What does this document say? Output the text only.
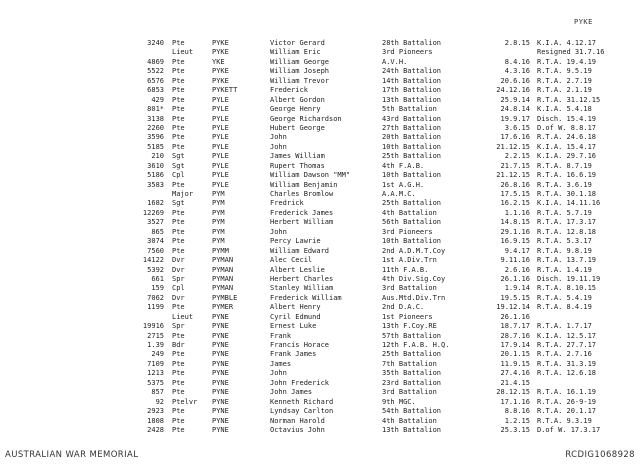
PYKE
3240 Pte	PYKE	Victor Gerard	28th Battalion	2.8.15 K.I.A. 4.12.17
Lieut	PYKE	William Eric	3rd Pioneers	Resigned 31.7.16
4869 Pte	YKE	William George	A.V.H.	8.4.16 R.T.A. 19.4.19
5522 Pte	PYKE	William Joseph	24th Battalion	4.3.16 R.T.A. 9.5.19
6576 Pte	PYKE	William Trevor	14th Battalion	20.6.16 R.T.A. 2.7.19
6853 Pte	PYKETT	Frederick	17th Battalion	24.12.16 R.T.A. 2.1.19
429 Pte	PYLE	Albert Gordon	13th Battalion	25.9.14 R.T.A. 31.12.15
801* Pte	PYLE	George Henry	5th Battalion	24.8.14 K.I.A. 5.4.18
3138 Pte	PYLE	George Richardson	43rd Battalion	19.9.17 Disch. 15.4.19
2260 Pte	PYLE	Hubert George	27th Battalion	3.6.15 D.of W. 8.8.17
3596 Pte	PYLE	John	20th Battalion	17.6.16 R.T.A. 24.6.18
5185 Pte	PYLE	John	10th Battalion	21.12.15 K.I.A. 15.4.17
210 Sgt	PYLE	James William	25th Battalion	2.2.15 K.I.A. 29.7.16
3610 Sgt	PYLE	Rupert Thomas	4th F.A.B.	21.7.15 R.T.A. 8.7.19
5186 Cpl	PYLE	William Dawson "MM"	10th Battalion	21.12.15 R.T.A. 16.6.19
3583 Pte	PYLE	William Benjamin	1st A.G.H.	26.8.16 R.T.A. 3.6.19
Major	PYM	Charles Bromlow	A.A.M.C.	17.5.15 R.T.A. 30.1.18
1682 Sgt	PYM	Fredrick	25th Battalion	16.2.15 K.I.A. 14.11.16
12269 Pte	PYM	Frederick James	4th Battalion	1.1.16 R.T.A. 5.7.19
3527 Pte	PYM	Herbert William	56th Battalion	14.8.15 R.T.A. 17.3.17
865 Pte	PYM	John	3rd Pioneers	29.1.16 R.T.A. 12.8.18
3074 Pte	PYM	Percy Lawrie	10th Battalion	16.9.15 R.T.A. 5.3.17
7560 Pte	PYMM	William Edward	2nd A.D.M.T.Coy	9.4.17 R.T.A. 9.8.19
14122 Dvr	PYMAN	Alec Cecil	1st A.Div.Trn	9.11.16 R.T.A. 13.7.19
5392 Dvr	PYMAN	Albert Leslie	11th F.A.B.	2.6.16 R.T.A. 1.4.19
661 Spr	PYMAN	Herbert Charles	4th Div.Sig.Coy	26.1.16 Disch. 19.11.19
159 Cpl	PYMAN	Stanley William	3rd Battalion	1.9.14 R.T.A. 8.10.15
7062 Dvr	PYMBLE	Frederick William	Aus.Mtd.Div.Trn	19.5.15 R.T.A. 5.4.19
1199 Pte	PYMER	Albert Henry	2nd D.A.C.	19.12.14 R.T.A. 8.4.19
Lieut	PYNE	Cyril Edmund	1st Pioneers	26.1.16
19916 Spr	PYNE	Ernest Luke	13th F.Coy.RE	18.7.17 R.T.A. 1.7.17
2715 Pte	PYNE	Frank	57th Battalion	28.7.16 K.I.A. 12.5.17
1.39 Bdr	PYNE	Francis Horace	12th F.A.B. H.Q.	17.9.14 R.T.A. 27.7.17
249 Pte	PYNE	Frank James	25th Battalion	20.1.15 R.T.A. 2.7.16
7109 Pte	PYNE	James	7th Battalion	11.9.15 R.T.A. 31.3.19
1213 Pte	PYNE	John	35th Battalion	27.4.16 R.T.A. 12.6.18
5375 Pte	PYNE	John Frederick	23rd Battalion	21.4.15
857 Pte	PYNE	John James	3rd Battalion	28.12.15 R.T.A. 16.1.19
92 Ptelvr	PYNE	Kenneth Richard	9th MGC.	17.1.16 R.T.A. 26-9-19
2923 Pte	PYNE	Lyndsay Carlton	54th Battalion	8.8.16 R.T.A. 20.1.17
1808 Pte	PYNE	Norman Harold	4th Battalion	1.2.15 R.T.A. 9.3.19
2428 Pte	PYNE	Octavius John	13th Battalion	25.3.15 D.of W. 17.3.17
AUSTRALIAN WAR MEMORIAL	RCDIG1068928
